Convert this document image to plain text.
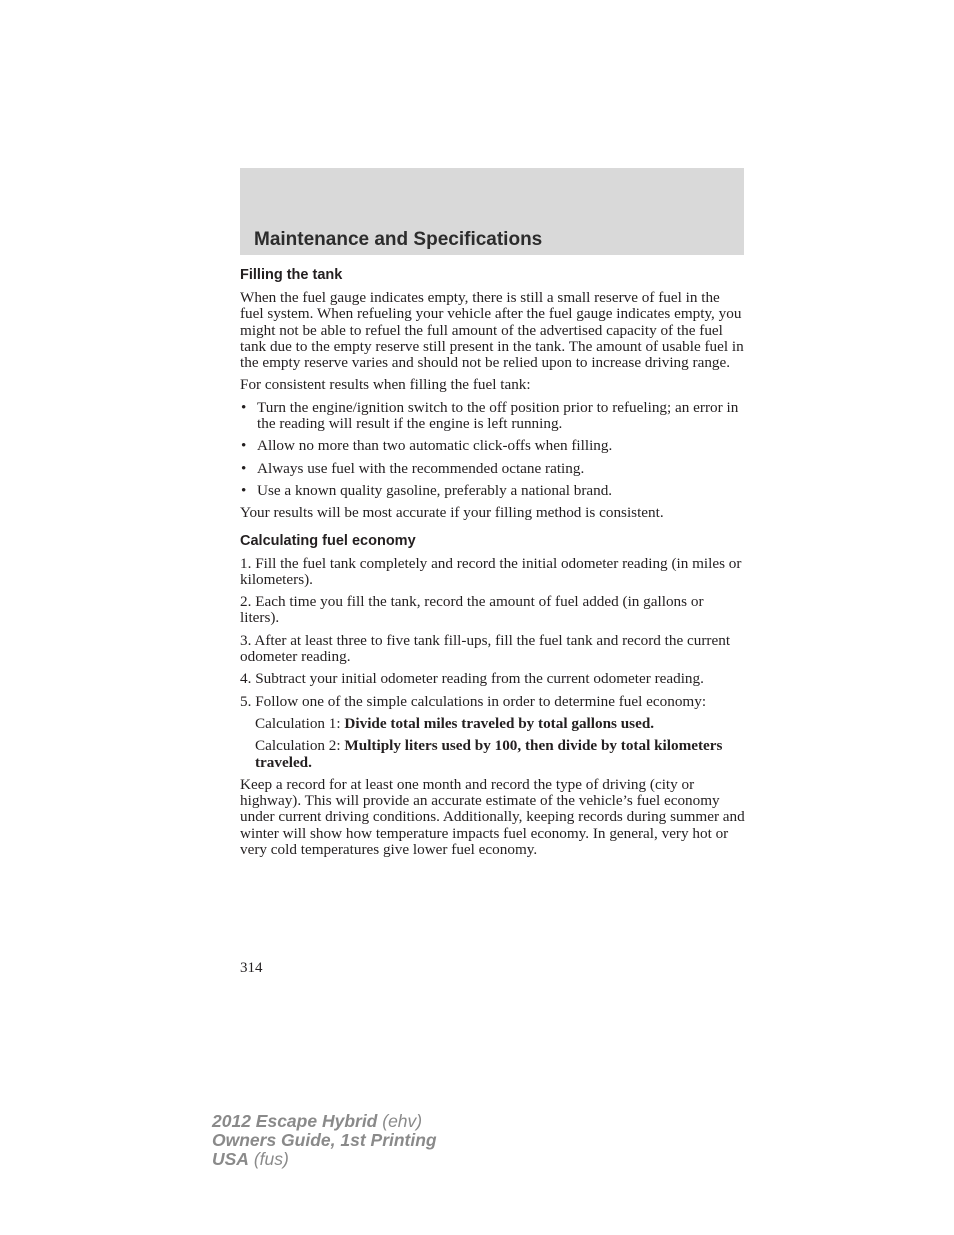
Maintenance and Specifications
Filling the tank

When the fuel gauge indicates empty, there is still a small reserve of fuel in the fuel system. When refueling your vehicle after the fuel gauge indicates empty, you might not be able to refuel the full amount of the advertised capacity of the fuel tank due to the empty reserve still present in the tank. The amount of usable fuel in the empty reserve varies and should not be relied upon to increase driving range.

For consistent results when filling the fuel tank:

• Turn the engine/ignition switch to the off position prior to refueling; an error in the reading will result if the engine is left running.
• Allow no more than two automatic click-offs when filling.
• Always use fuel with the recommended octane rating.
• Use a known quality gasoline, preferably a national brand.

Your results will be most accurate if your filling method is consistent.

Calculating fuel economy

1. Fill the fuel tank completely and record the initial odometer reading (in miles or kilometers).

2. Each time you fill the tank, record the amount of fuel added (in gallons or liters).

3. After at least three to five tank fill-ups, fill the fuel tank and record the current odometer reading.

4. Subtract your initial odometer reading from the current odometer reading.

5. Follow one of the simple calculations in order to determine fuel economy:

Calculation 1: Divide total miles traveled by total gallons used.

Calculation 2: Multiply liters used by 100, then divide by total kilometers traveled.

Keep a record for at least one month and record the type of driving (city or highway). This will provide an accurate estimate of the vehicle’s fuel economy under current driving conditions. Additionally, keeping records during summer and winter will show how temperature impacts fuel economy. In general, very hot or very cold temperatures give lower fuel economy.

314
2012 Escape Hybrid (ehv)
Owners Guide, 1st Printing
USA (fus)
